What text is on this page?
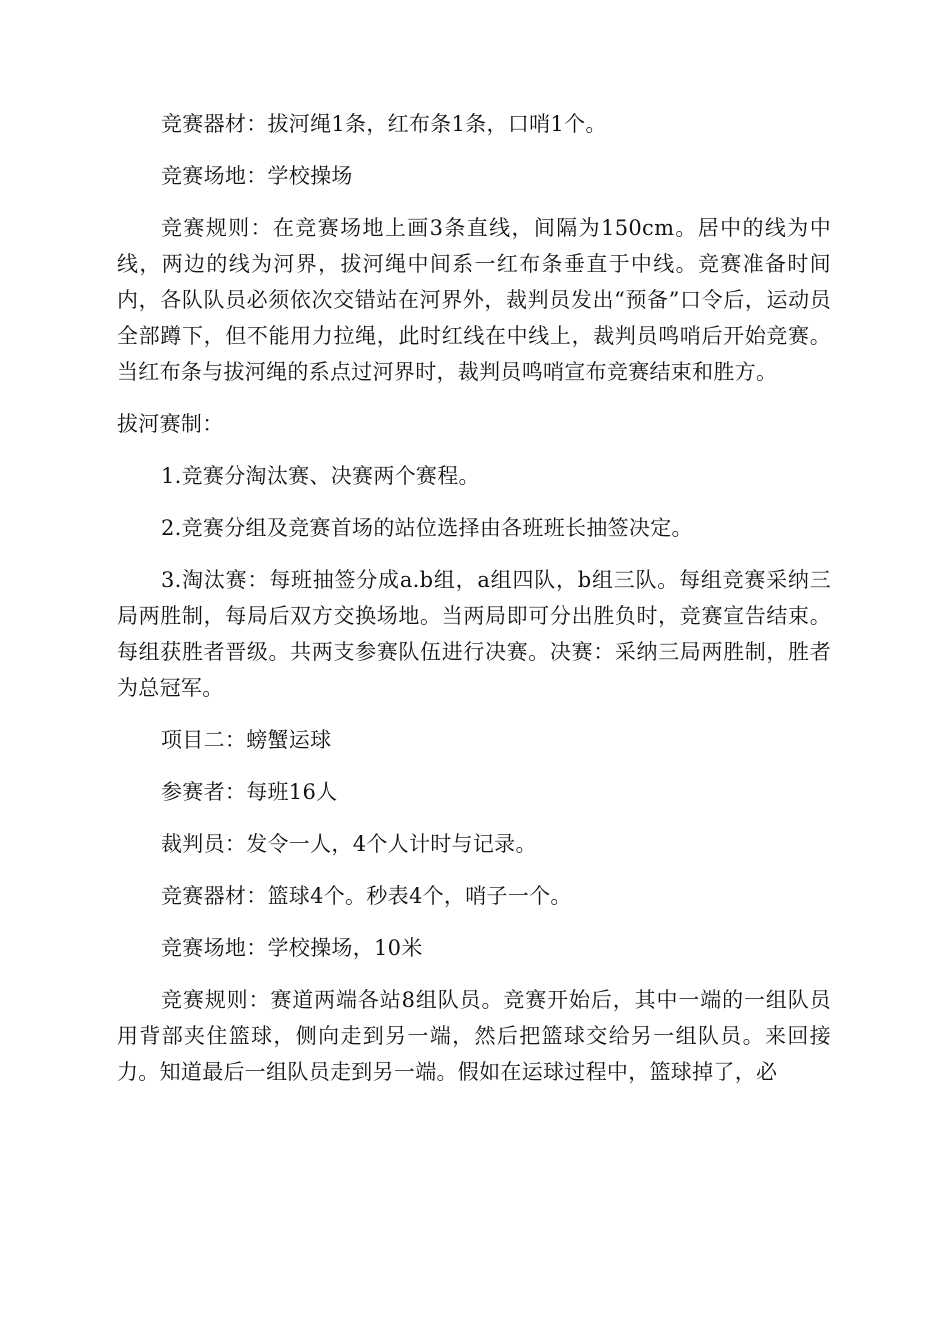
竞赛器材：拔河绳1条，红布条1条，口哨1个。

竞赛场地：学校操场

竞赛规则：在竞赛场地上画3条直线，间隔为150cm。居中的线为中线，两边的线为河界，拔河绳中间系一红布条垂直于中线。竞赛准备时间内，各队队员必须依次交错站在河界外，裁判员发出“预备”口令后，运动员全部蹲下，但不能用力拉绳，此时红线在中线上，裁判员鸣哨后开始竞赛。当红布条与拔河绳的系点过河界时，裁判员鸣哨宣布竞赛结束和胜方。

拔河赛制：

1.竞赛分淘汰赛、决赛两个赛程。

2.竞赛分组及竞赛首场的站位选择由各班班长抽签决定。

3.淘汰赛：每班抽签分成a.b组，a组四队，b组三队。每组竞赛采纳三局两胜制，每局后双方交换场地。当两局即可分出胜负时，竞赛宣告结束。每组获胜者晋级。共两支参赛队伍进行决赛。决赛：采纳三局两胜制，胜者为总冠军。

项目二：螃蟹运球

参赛者：每班16人

裁判员：发令一人，4个人计时与记录。

竞赛器材：篮球4个。秒表4个，哨子一个。

竞赛场地：学校操场，10米

竞赛规则：赛道两端各站8组队员。竞赛开始后，其中一端的一组队员用背部夹住篮球，侧向走到另一端，然后把篮球交给另一组队员。来回接力。知道最后一组队员走到另一端。假如在运球过程中，篮球掉了，必
